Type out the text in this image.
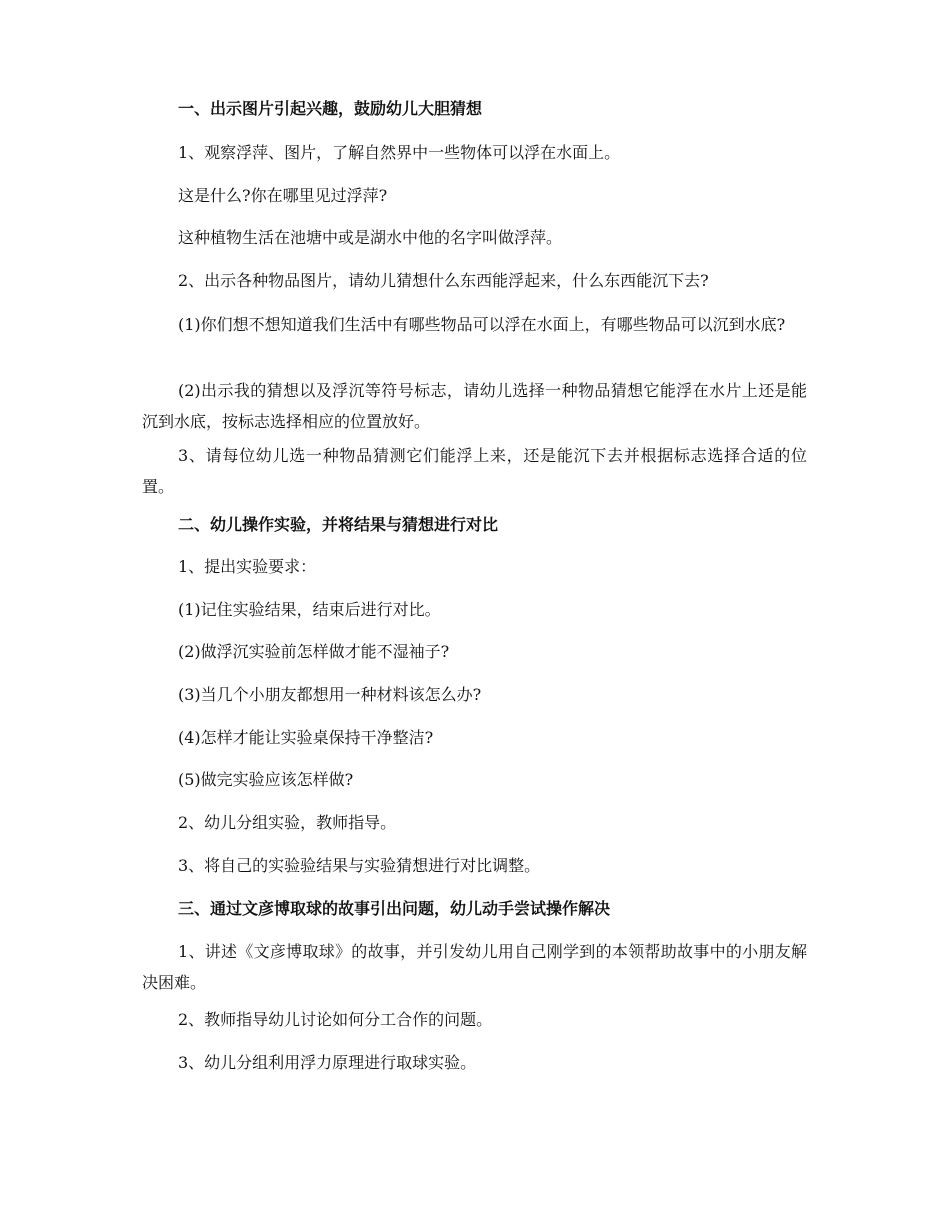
一、出示图片引起兴趣，鼓励幼儿大胆猜想
1、观察浮萍、图片，了解自然界中一些物体可以浮在水面上。
这是什么?你在哪里见过浮萍?
这种植物生活在池塘中或是湖水中他的名字叫做浮萍。
2、出示各种物品图片，请幼儿猜想什么东西能浮起来，什么东西能沉下去?
(1)你们想不想知道我们生活中有哪些物品可以浮在水面上，有哪些物品可以沉到水底?
(2)出示我的猜想以及浮沉等符号标志，请幼儿选择一种物品猜想它能浮在水片上还是能沉到水底，按标志选择相应的位置放好。
3、请每位幼儿选一种物品猜测它们能浮上来，还是能沉下去并根据标志选择合适的位置。
二、幼儿操作实验，并将结果与猜想进行对比
1、提出实验要求：
(1)记住实验结果，结束后进行对比。
(2)做浮沉实验前怎样做才能不湿袖子?
(3)当几个小朋友都想用一种材料该怎么办?
(4)怎样才能让实验桌保持干净整洁?
(5)做完实验应该怎样做?
2、幼儿分组实验，教师指导。
3、将自己的实验验结果与实验猜想进行对比调整。
三、通过文彦博取球的故事引出问题，幼儿动手尝试操作解决
1、讲述《文彦博取球》的故事，并引发幼儿用自己刚学到的本领帮助故事中的小朋友解决困难。
2、教师指导幼儿讨论如何分工合作的问题。
3、幼儿分组利用浮力原理进行取球实验。
